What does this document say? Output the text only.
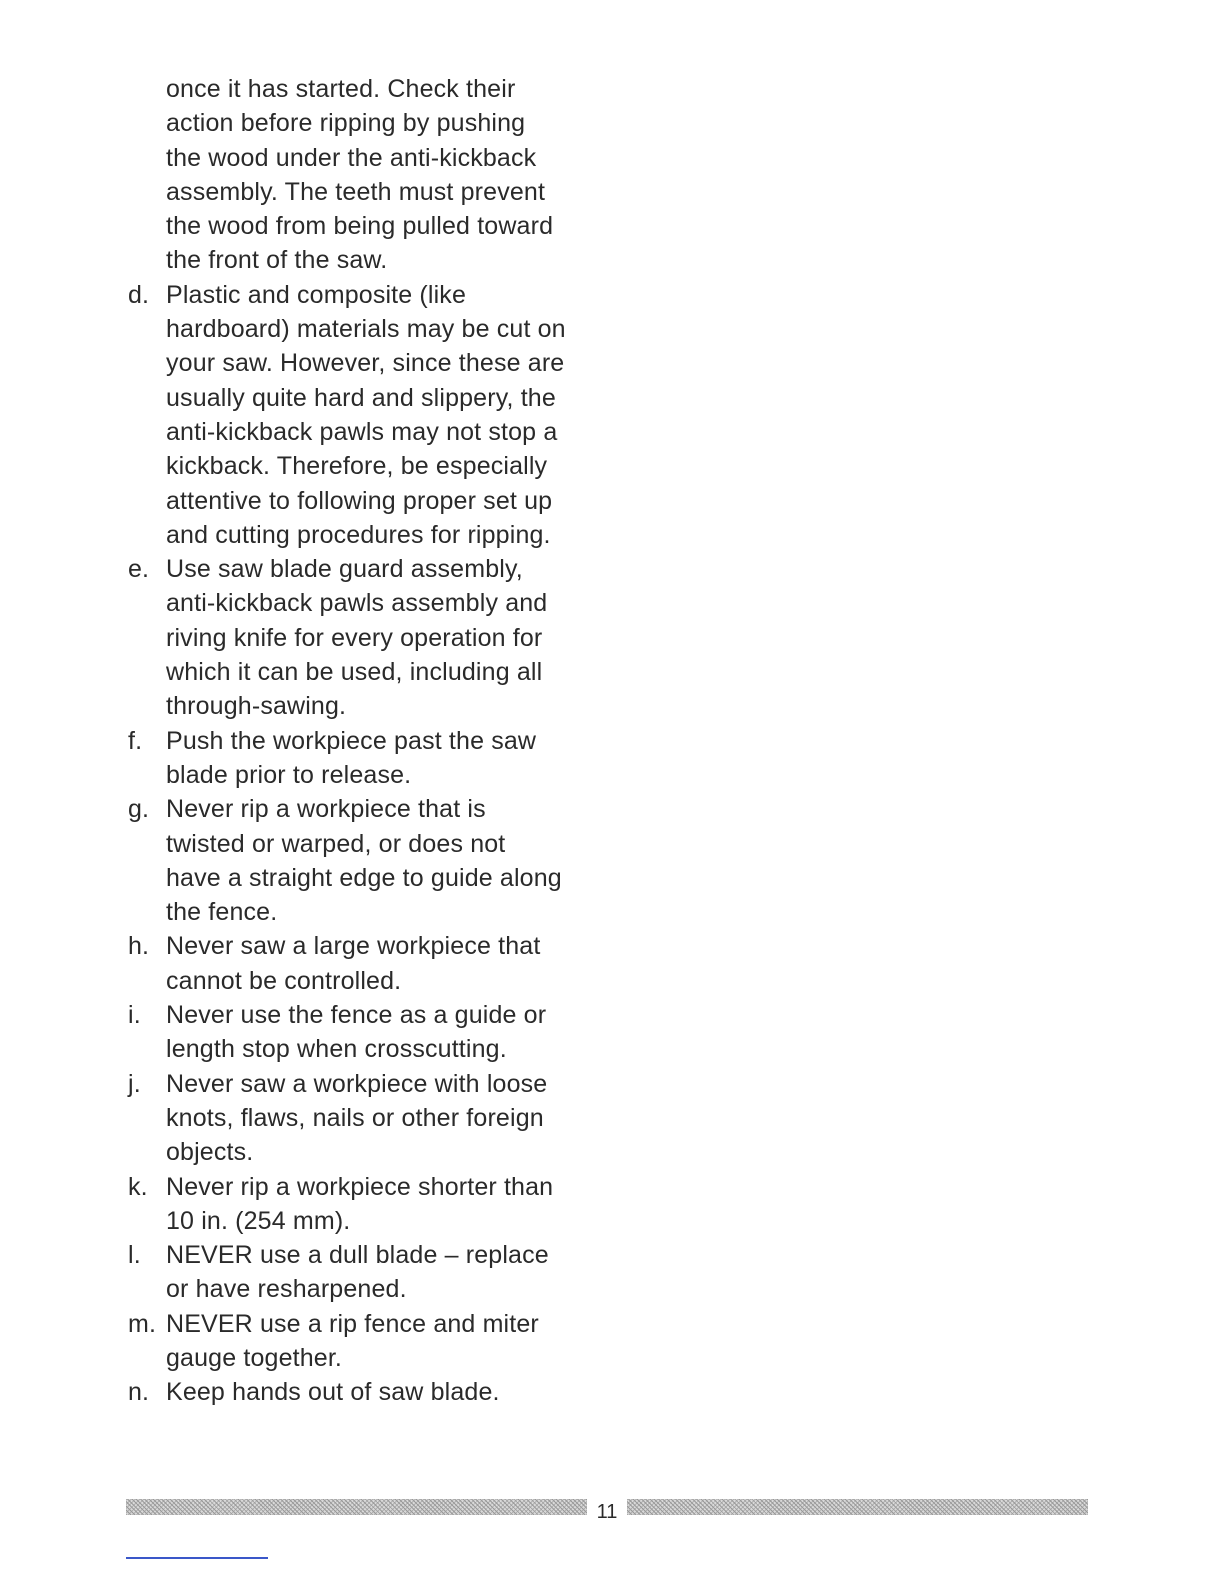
once it has started. Check their
action before ripping by pushing
the wood under the anti-kickback
assembly. The teeth must prevent
the wood from being pulled toward
the front of the saw.
d. Plastic and composite (like
hardboard) materials may be cut on
your saw. However, since these are
usually quite hard and slippery, the
anti-kickback pawls may not stop a
kickback. Therefore, be especially
attentive to following proper set up
and cutting procedures for ripping.
e. Use saw blade guard assembly,
anti-kickback pawls assembly and
riving knife for every operation for
which it can be used, including all
through-sawing.
f. Push the workpiece past the saw
blade prior to release.
g. Never rip a workpiece that is
twisted or warped, or does not
have a straight edge to guide along
the fence.
h. Never saw a large workpiece that
cannot be controlled.
i.	Never use the fence as a guide or
length stop when crosscutting.
j.	Never saw a workpiece with loose
knots, flaws, nails or other foreign
objects.
k. Never rip a workpiece shorter than
10 in. (254 mm).
l.	NEVER use a dull blade – replace
or have resharpened.
m. NEVER use a rip fence and miter
gauge together.
n. Keep hands out of saw blade.
11
